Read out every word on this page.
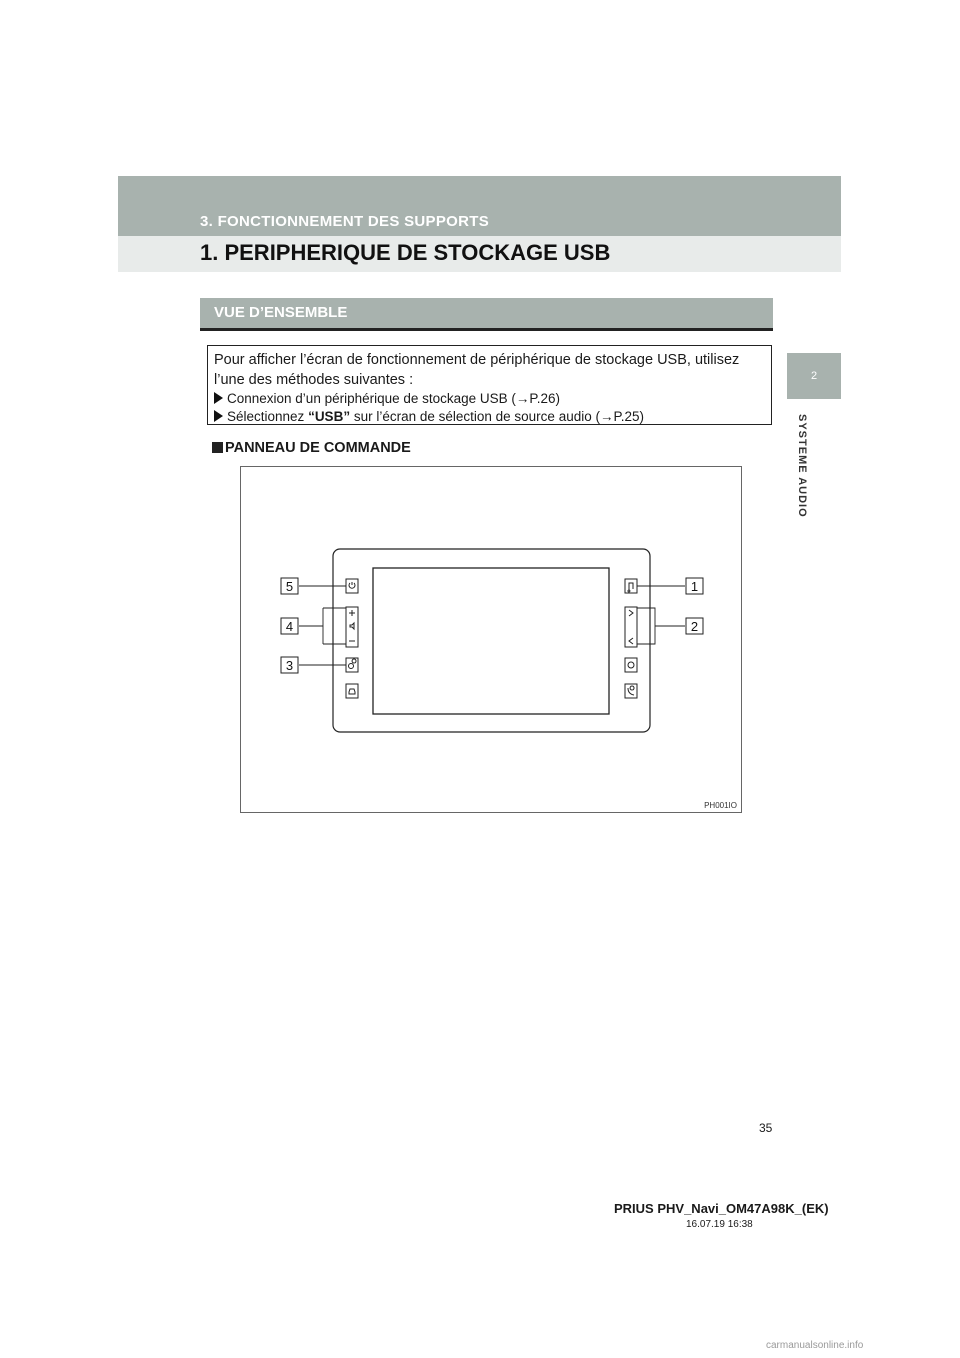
3. FONCTIONNEMENT DES SUPPORTS
1. PERIPHERIQUE DE STOCKAGE USB
2
SYSTEME AUDIO
VUE D’ENSEMBLE

Pour afficher l’écran de fonctionnement de périphérique de stockage USB, utilisez l’une des méthodes suivantes :

Connexion d’un périphérique de stockage USB (→P.26)

Sélectionnez “USB” sur l’écran de sélection de source audio (→P.25)

PANNEAU DE COMMANDE
5
4
3
1
2
PH001IO
35
PRIUS PHV_Navi_OM47A98K_(EK)
16.07.19 16:38
carmanualsonline.info
